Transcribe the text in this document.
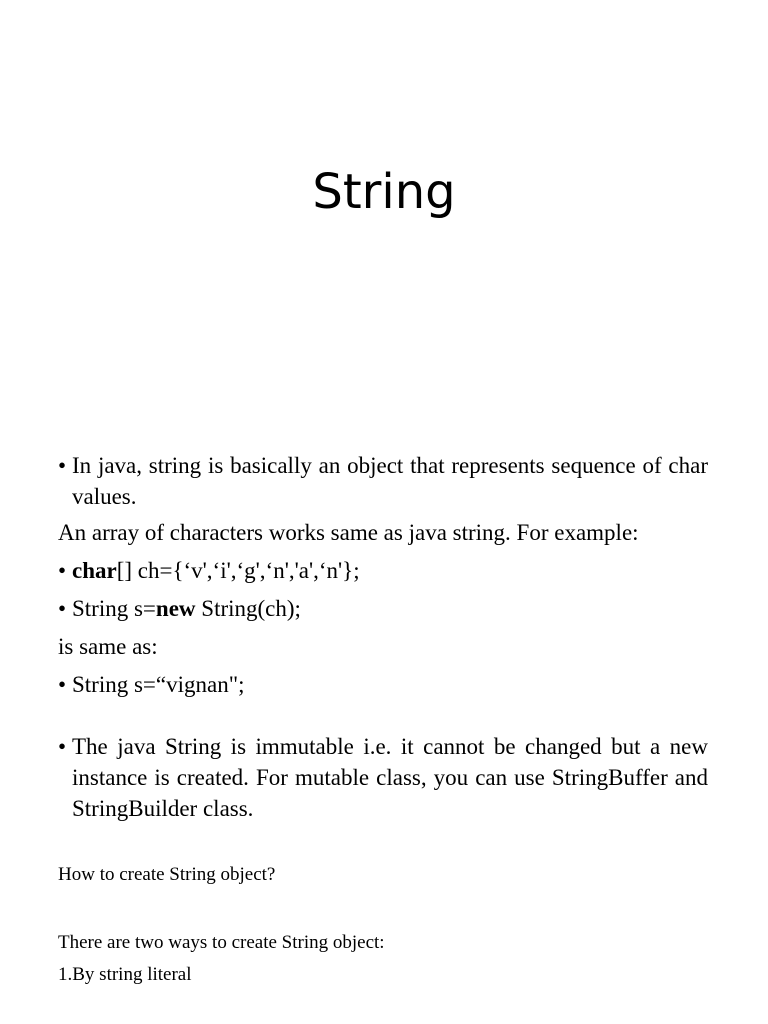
String
• In java, string is basically an object that represents sequence of char values.
An array of characters works same as java string. For example:
• char[] ch={‘v',‘i',‘g',‘n','a',‘n'};
• String s=new String(ch);
is same as:
• String s=“vignan";
• The java String is immutable i.e. it cannot be changed but a new instance is created. For mutable class, you can use StringBuffer and StringBuilder class.
How to create String object?
There are two ways to create String object:
1.By string literal
